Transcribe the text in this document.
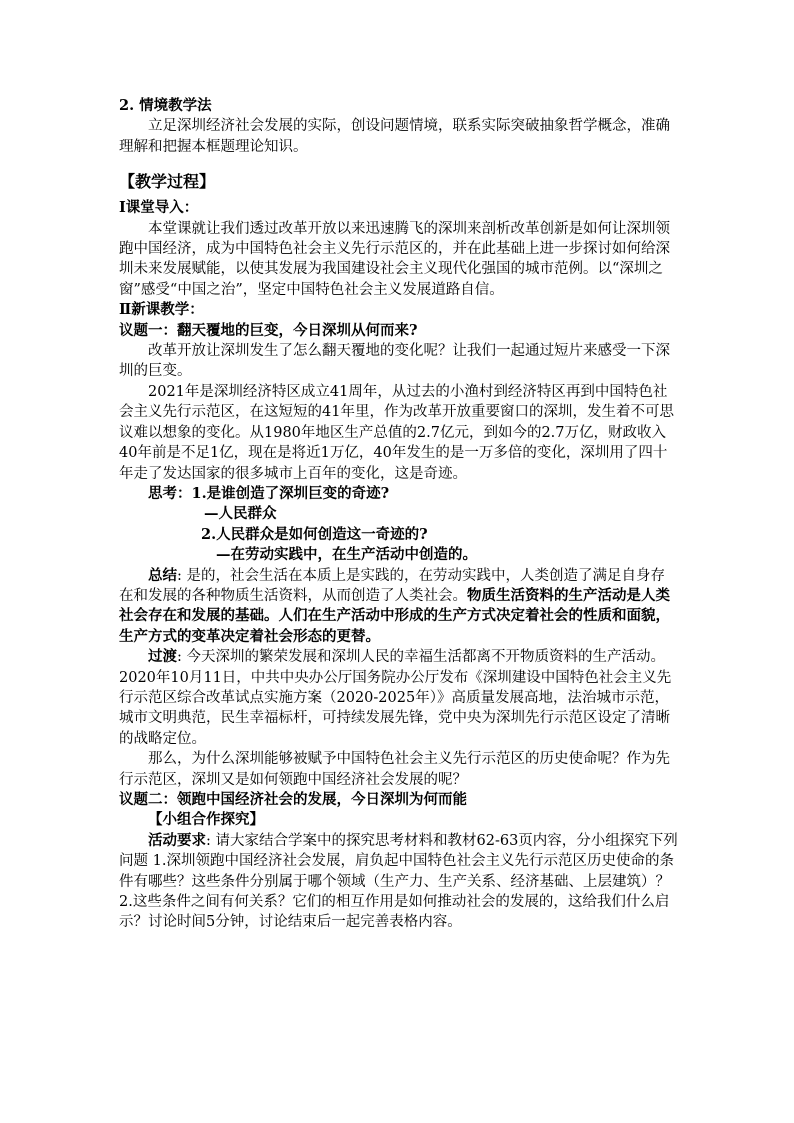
2. 情境教学法

立足深圳经济社会发展的实际，创设问题情境，联系实际突破抽象哲学概念，准确理解和把握本框题理论知识。

【教学过程】

Ⅰ课堂导入：

本堂课就让我们透过改革开放以来迅速腾飞的深圳来剖析改革创新是如何让深圳领跑中国经济，成为中国特色社会主义先行示范区的，并在此基础上进一步探讨如何给深圳未来发展赋能，以使其发展为我国建设社会主义现代化强国的城市范例。以“深圳之窗”感受“中国之治”，坚定中国特色社会主义发展道路自信。

Ⅱ新课教学：

议题一：翻天覆地的巨变，今日深圳从何而来?

改革开放让深圳发生了怎么翻天覆地的变化呢？让我们一起通过短片来感受一下深圳的巨变。

2021年是深圳经济特区成立41周年，从过去的小渔村到经济特区再到中国特色社会主义先行示范区，在这短短的41年里，作为改革开放重要窗口的深圳，发生着不可思议难以想象的变化。从1980年地区生产总值的2.7亿元，到如今的2.7万亿，财政收入40年前是不足1亿，现在是将近1万亿，40年发生的是一万多倍的变化，深圳用了四十年走了发达国家的很多城市上百年的变化，这是奇迹。

思考：1.是谁创造了深圳巨变的奇迹?

—人民群众

2.人民群众是如何创造这一奇迹的?

—在劳动实践中，在生产活动中创造的。

总结: 是的，社会生活在本质上是实践的，在劳动实践中，人类创造了满足自身存在和发展的各种物质生活资料，从而创造了人类社会。物质生活资料的生产活动是人类社会存在和发展的基础。人们在生产活动中形成的生产方式决定着社会的性质和面貌，生产方式的变革决定着社会形态的更替。

过渡: 今天深圳的繁荣发展和深圳人民的幸福生活都离不开物质资料的生产活动。2020年10月11日，中共中央办公厅国务院办公厅发布《深圳建设中国特色社会主义先行示范区综合改革试点实施方案（2020-2025年）》高质量发展高地，法治城市示范，城市文明典范，民生幸福标杆，可持续发展先锋，党中央为深圳先行示范区设定了清晰的战略定位。

那么，为什么深圳能够被赋予中国特色社会主义先行示范区的历史使命呢？作为先行示范区，深圳又是如何领跑中国经济社会发展的呢？

议题二：领跑中国经济社会的发展，今日深圳为何而能

【小组合作探究】

活动要求: 请大家结合学案中的探究思考材料和教材62-63页内容，分小组探究下列问题 1.深圳领跑中国经济社会发展，肩负起中国特色社会主义先行示范区历史使命的条件有哪些？这些条件分别属于哪个领域（生产力、生产关系、经济基础、上层建筑）？2.这些条件之间有何关系？它们的相互作用是如何推动社会的发展的，这给我们什么启示？讨论时间5分钟，讨论结束后一起完善表格内容。
